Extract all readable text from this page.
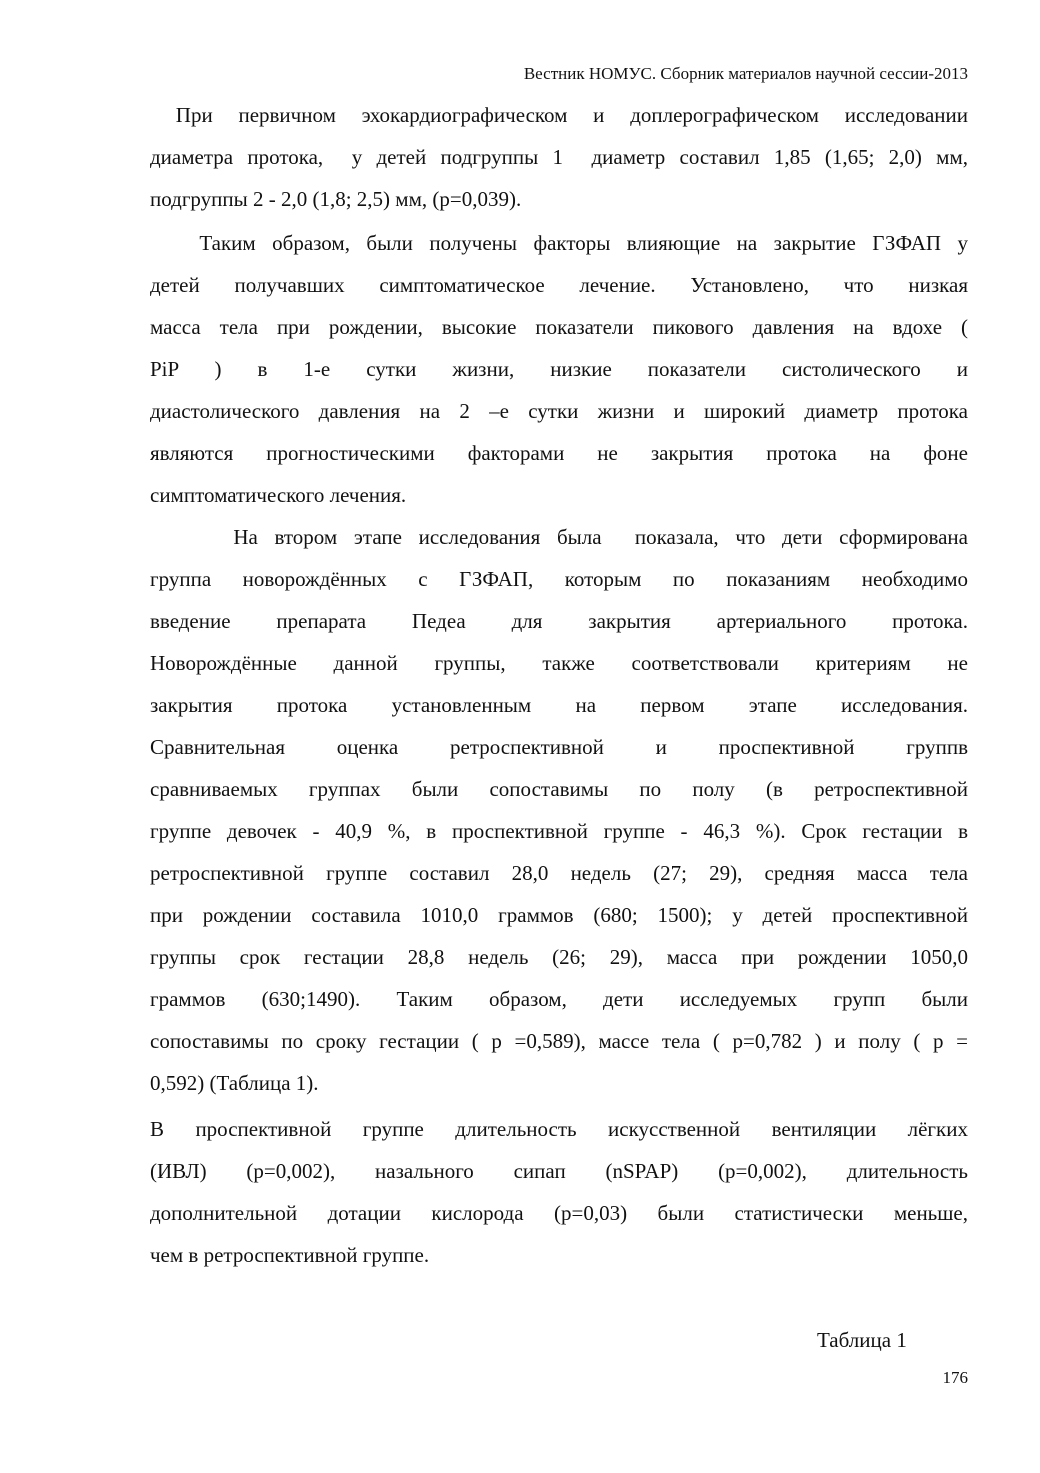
Вестник НОМУС. Сборник материалов научной сессии-2013
При первичном эхокардиографическом и доплерографическом исследовании
диаметра протока,  у детей подгруппы 1  диаметр составил 1,85 (1,65; 2,0) мм,
подгруппы 2 - 2,0 (1,8; 2,5) мм, (р=0,039).
Таким образом, были получены факторы влияющие на закрытие ГЗФАП у
детей получавших симптоматическое лечение. Установлено, что низкая
масса тела при рождении, высокие показатели пикового давления на вдохе (
PiP ) в 1-е сутки жизни, низкие показатели систолического и
диастолического давления на 2 –е сутки жизни и широкий диаметр протока
являются прогностическими факторами не закрытия протока на фоне
симптоматического лечения.
На втором этапе исследования была  показала, что дети сформирована
группа новорождённых с ГЗФАП, которым по показаниям необходимо
введение препарата Педеа для закрытия артериального протока.
Новорождённые данной группы, также соответствовали критериям не
закрытия протока установленным на первом этапе исследования.
Сравнительная оценка ретроспективной и проспективной группв
сравниваемых группах были сопоставимы по полу (в ретроспективной
группе девочек - 40,9 %, в проспективной группе - 46,3 %). Срок гестации в
ретроспективной группе составил 28,0 недель (27; 29), средняя масса тела
при рождении составила 1010,0 граммов (680; 1500); у детей проспективной
группы срок гестации 28,8 недель (26; 29), масса при рождении 1050,0
граммов (630;1490). Таким образом, дети исследуемых групп были
сопоставимы по сроку гестации ( р =0,589), массе тела ( р=0,782 ) и полу ( р =
0,592) (Таблица 1).
В проспективной группе длительность искусственной вентиляции лёгких
(ИВЛ) (р=0,002), назального сипап (nSPAP) (р=0,002), длительность
дополнительной дотации кислорода (р=0,03) были статистически меньше,
чем в ретроспективной группе.
Таблица 1
176
